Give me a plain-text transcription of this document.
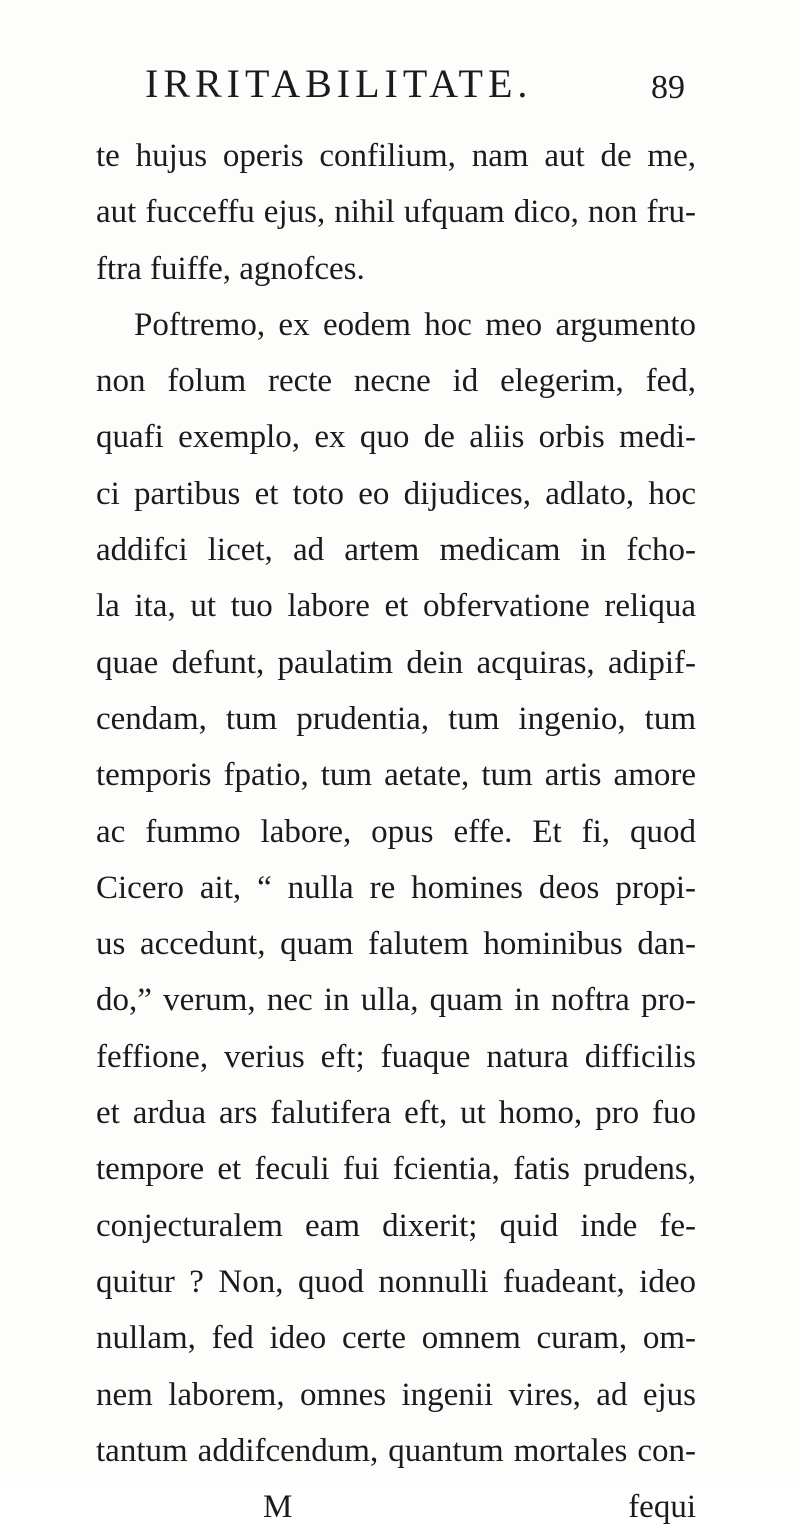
IRRITABILITATE.	89
te hujus operis confilium, nam aut de me,
aut fucceffu ejus, nihil ufquam dico, non fru-
ftra fuiffe, agnofces.
Poftremo, ex eodem hoc meo argumento
non folum recte necne id elegerim, fed,
quafi exemplo, ex quo de aliis orbis medi-
ci partibus et toto eo dijudices, adlato, hoc
addifci licet, ad artem medicam in fcho-
la ita, ut tuo labore et obfervatione reliqua
quae defunt, paulatim dein acquiras, adipif-
cendam, tum prudentia, tum ingenio, tum
temporis fpatio, tum aetate, tum artis amore
ac fummo labore, opus effe. Et fi, quod
Cicero ait, “ nulla re homines deos propi-
us accedunt, quam falutem hominibus dan-
do,” verum, nec in ulla, quam in noftra pro-
feffione, verius eft; fuaque natura difficilis
et ardua ars falutifera eft, ut homo, pro fuo
tempore et feculi fui fcientia, fatis prudens,
conjecturalem eam dixerit; quid inde fe-
quitur ? Non, quod nonnulli fuadeant, ideo
nullam, fed ideo certe omnem curam, om-
nem laborem, omnes ingenii vires, ad ejus
tantum addifcendum, quantum mortales con-
M	fequi
